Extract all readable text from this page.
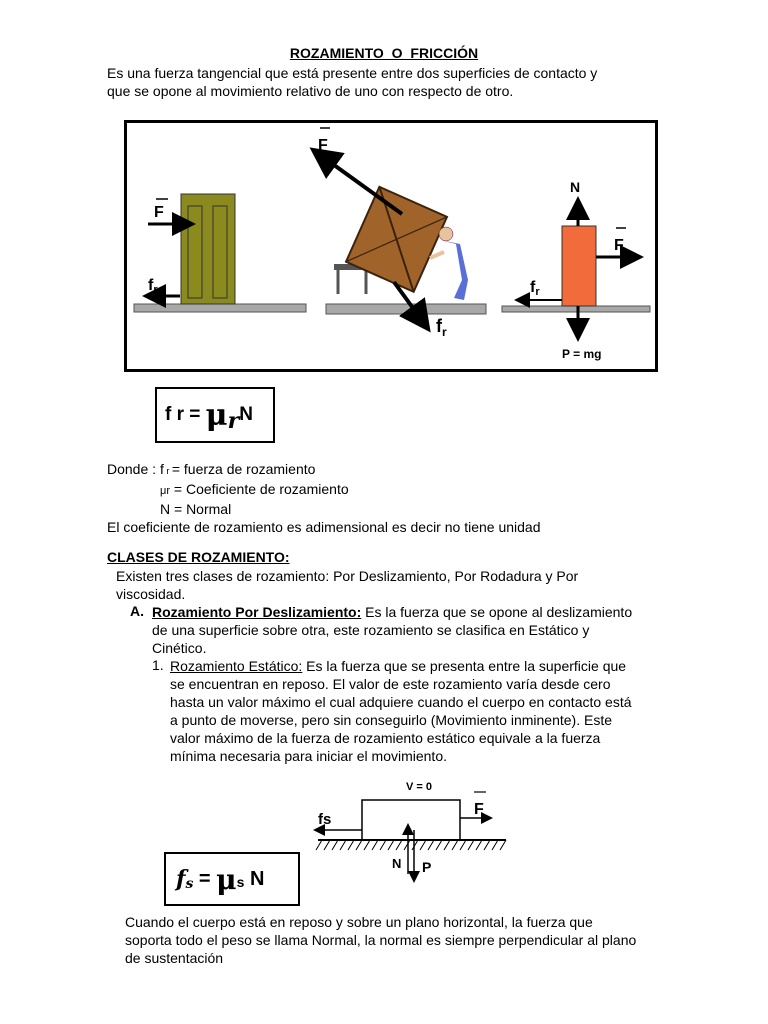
ROZAMIENTO O FRICCIÓN
Es una fuerza tangencial que está presente entre dos superficies de contacto y
que se opone al movimiento relativo de uno con respecto de otro.
F
fr
F
$f_r$
N
F
fr
P = mg
f r = μ r N
Donde : f r = fuerza de rozamiento
μr = Coeficiente de rozamiento
N = Normal
El coeficiente de rozamiento es adimensional es decir no tiene unidad
CLASES DE ROZAMIENTO:
Existen tres clases de rozamiento: Por Deslizamiento, Por Rodadura y Por
viscosidad.
A. Rozamiento Por Deslizamiento: Es la fuerza que se opone al deslizamiento
de una superficie sobre otra, este rozamiento se clasifica en Estático y
Cinético.
1. Rozamiento Estático: Es la fuerza que se presenta entre la superficie que
se encuentran en reposo. El valor de este rozamiento varía desde cero
hasta un valor máximo el cual adquiere cuando el cuerpo en contacto está
a punto de moverse, pero sin conseguirlo (Movimiento inminente). Este
valor máximo de la fuerza de rozamiento estático equivale a la fuerza
mínima necesaria para iniciar el movimiento.
V = 0
fs
F
N P
f s = μ s N
Cuando el cuerpo está en reposo y sobre un plano horizontal, la fuerza que
soporta todo el peso se llama Normal, la normal es siempre perpendicular al plano
de sustentación
